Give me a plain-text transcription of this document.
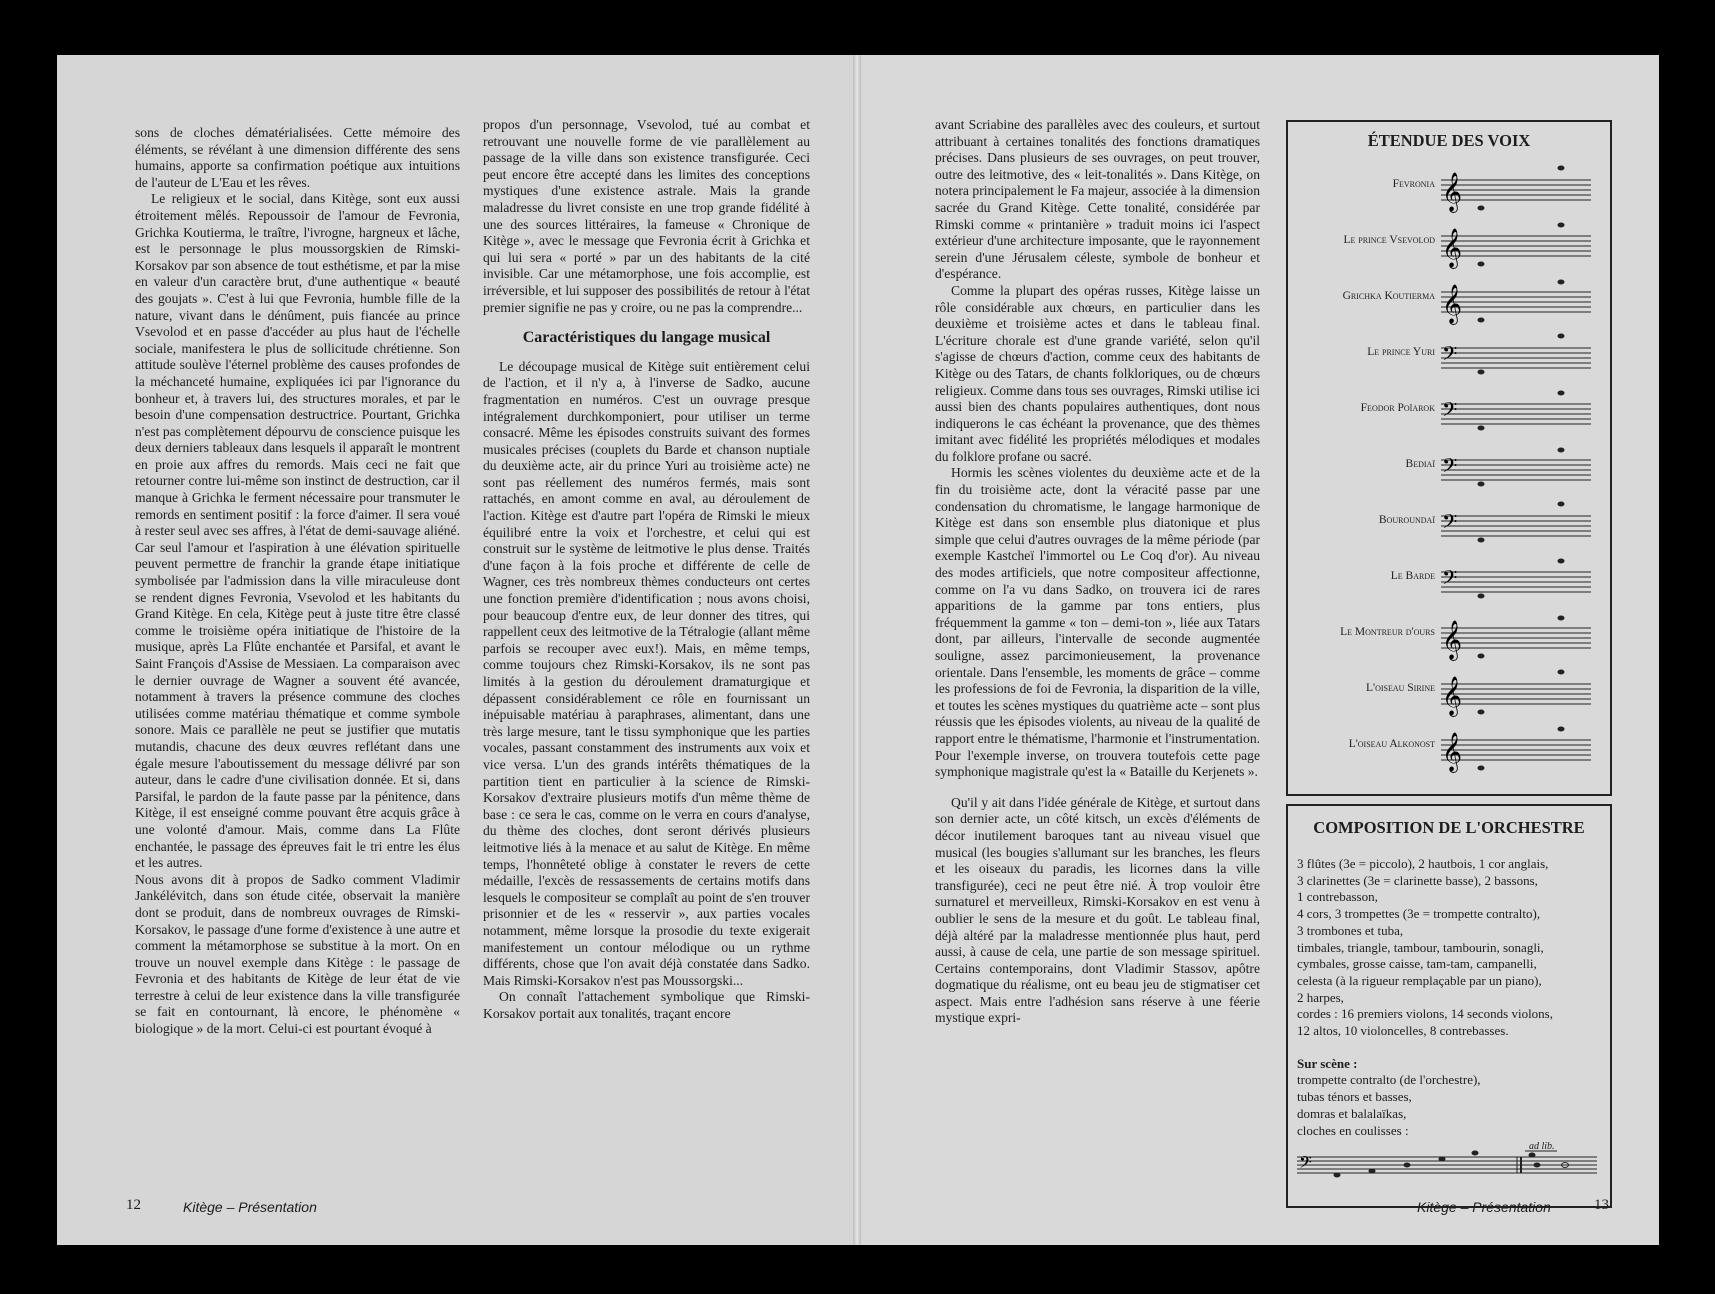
…

sons de cloches dématérialisées. Cette mémoire des éléments, se révélant à une dimension différente des sens humains, apporte sa confirmation poétique aux intuitions de l'auteur de L'Eau et les rêves.

Le religieux et le social, dans Kitège, sont eux aussi étroitement mêlés. Repoussoir de l'amour de Fevronia, Grichka Koutierma, le traître, l'ivrogne, hargneux et lâche, est le personnage le plus moussorgskien de Rimski-Korsakov par son absence de tout esthétisme, et par la mise en valeur d'un caractère brut, d'une authentique « beauté des goujats ». C'est à lui que Fevronia, humble fille de la nature, vivant dans le dénûment, puis fiancée au prince Vsevolod et en passe d'accéder au plus haut de l'échelle sociale, manifestera le plus de sollicitude chrétienne. Son attitude soulève l'éternel problème des causes profondes de la méchanceté humaine, expliquées ici par l'ignorance du bonheur et, à travers lui, des structures morales, et par le besoin d'une compensation destructrice. Pourtant, Grichka n'est pas complètement dépourvu de conscience puisque les deux derniers tableaux dans lesquels il apparaît le montrent en proie aux affres du remords. Mais ceci ne fait que retourner contre lui-même son instinct de destruction, car il manque à Grichka le ferment nécessaire pour transmuter le remords en sentiment positif : la force d'aimer. Il sera voué à rester seul avec ses affres, à l'état de demi-sauvage aliéné. Car seul l'amour et l'aspiration à une élévation spirituelle peuvent permettre de franchir la grande étape initiatique symbolisée par l'admission dans la ville miraculeuse dont se rendent dignes Fevronia, Vsevolod et les habitants du Grand Kitège. En cela, Kitège peut à juste titre être classé comme le troisième opéra initiatique de l'histoire de la musique, après La Flûte enchantée et Parsifal, et avant le Saint François d'Assise de Messiaen. La comparaison avec le dernier ouvrage de Wagner a souvent été avancée, notamment à travers la présence commune des cloches utilisées comme matériau thématique et comme symbole sonore. Mais ce parallèle ne peut se justifier que mutatis mutandis, chacune des deux œuvres reflétant dans une égale mesure l'aboutissement du message délivré par son auteur, dans le cadre d'une civilisation donnée. Et si, dans Parsifal, le pardon de la faute passe par la pénitence, dans Kitège, il est enseigné comme pouvant être acquis grâce à une volonté d'amour. Mais, comme dans La Flûte enchantée, le passage des épreuves fait le tri entre les élus et les autres.

Nous avons dit à propos de Sadko comment Vladimir Jankélévitch, dans son étude citée, observait la manière dont se produit, dans de nombreux ouvrages de Rimski-Korsakov, le passage d'une forme d'existence à une autre et comment la métamorphose se substitue à la mort. On en trouve un nouvel exemple dans Kitège : le passage de Fevronia et des habitants de Kitège de leur état de vie terrestre à celui de leur existence dans la ville transfigurée se fait en contournant, là encore, le phénomène « biologique » de la mort. Celui-ci est pourtant évoqué à

propos d'un personnage, Vsevolod, tué au combat et retrouvant une nouvelle forme de vie parallèlement au passage de la ville dans son existence transfigurée. Ceci peut encore être accepté dans les limites des conceptions mystiques d'une existence astrale. Mais la grande maladresse du livret consiste en une trop grande fidélité à une des sources littéraires, la fameuse « Chronique de Kitège », avec le message que Fevronia écrit à Grichka et qui lui sera « porté » par un des habitants de la cité invisible. Car une métamorphose, une fois accomplie, est irréversible, et lui supposer des possibilités de retour à l'état premier signifie ne pas y croire, ou ne pas la comprendre...

Caractéristiques du langage musical

Le découpage musical de Kitège suit entièrement celui de l'action, et il n'y a, à l'inverse de Sadko, aucune fragmentation en numéros. C'est un ouvrage presque intégralement durchkomponiert, pour utiliser un terme consacré. Même les épisodes construits suivant des formes musicales précises (couplets du Barde et chanson nuptiale du deuxième acte, air du prince Yuri au troisième acte) ne sont pas réellement des numéros fermés, mais sont rattachés, en amont comme en aval, au déroulement de l'action. Kitège est d'autre part l'opéra de Rimski le mieux équilibré entre la voix et l'orchestre, et celui qui est construit sur le système de leitmotive le plus dense. Traités d'une façon à la fois proche et différente de celle de Wagner, ces très nombreux thèmes conducteurs ont certes une fonction première d'identification ; nous avons choisi, pour beaucoup d'entre eux, de leur donner des titres, qui rappellent ceux des leitmotive de la Tétralogie (allant même parfois se recouper avec eux!). Mais, en même temps, comme toujours chez Rimski-Korsakov, ils ne sont pas limités à la gestion du déroulement dramaturgique et dépassent considérablement ce rôle en fournissant un inépuisable matériau à paraphrases, alimentant, dans une très large mesure, tant le tissu symphonique que les parties vocales, passant constamment des instruments aux voix et vice versa. L'un des grands intérêts thématiques de la partition tient en particulier à la science de Rimski-Korsakov d'extraire plusieurs motifs d'un même thème de base : ce sera le cas, comme on le verra en cours d'analyse, du thème des cloches, dont seront dérivés plusieurs leitmotive liés à la menace et au salut de Kitège. En même temps, l'honnêteté oblige à constater le revers de cette médaille, l'excès de ressassements de certains motifs dans lesquels le compositeur se complaît au point de s'en trouver prisonnier et de les « resservir », aux parties vocales notamment, même lorsque la prosodie du texte exigerait manifestement un contour mélodique ou un rythme différents, chose que l'on avait déjà constatée dans Sadko. Mais Rimski-Korsakov n'est pas Moussorgski...

On connaît l'attachement symbolique que Rimski-Korsakov portait aux tonalités, traçant encore

avant Scriabine des parallèles avec des couleurs, et surtout attribuant à certaines tonalités des fonctions dramatiques précises. Dans plusieurs de ses ouvrages, on peut trouver, outre des leitmotive, des « leit-tonalités ». Dans Kitège, on notera principalement le Fa majeur, associée à la dimension sacrée du Grand Kitège. Cette tonalité, considérée par Rimski comme « printanière » traduit moins ici l'aspect extérieur d'une architecture imposante, que le rayonnement serein d'une Jérusalem céleste, symbole de bonheur et d'espérance.

Comme la plupart des opéras russes, Kitège laisse un rôle considérable aux chœurs, en particulier dans les deuxième et troisième actes et dans le tableau final. L'écriture chorale est d'une grande variété, selon qu'il s'agisse de chœurs d'action, comme ceux des habitants de Kitège ou des Tatars, de chants folkloriques, ou de chœurs religieux. Comme dans tous ses ouvrages, Rimski utilise ici aussi bien des chants populaires authentiques, dont nous indiquerons le cas échéant la provenance, que des thèmes imitant avec fidélité les propriétés mélodiques et modales du folklore profane ou sacré.

Hormis les scènes violentes du deuxième acte et de la fin du troisième acte, dont la véracité passe par une condensation du chromatisme, le langage harmonique de Kitège est dans son ensemble plus diatonique et plus simple que celui d'autres ouvrages de la même période (par exemple Kastcheï l'immortel ou Le Coq d'or). Au niveau des modes artificiels, que notre compositeur affectionne, comme on l'a vu dans Sadko, on trouvera ici de rares apparitions de la gamme par tons entiers, plus fréquemment la gamme « ton – demi-ton », liée aux Tatars dont, par ailleurs, l'intervalle de seconde augmentée souligne, assez parcimonieusement, la provenance orientale. Dans l'ensemble, les moments de grâce – comme les professions de foi de Fevronia, la disparition de la ville, et toutes les scènes mystiques du quatrième acte – sont plus réussis que les épisodes violents, au niveau de la qualité de rapport entre le thématisme, l'harmonie et l'instrumentation. Pour l'exemple inverse, on trouvera toutefois cette page symphonique magistrale qu'est la « Bataille du Kerjenets ».

Qu'il y ait dans l'idée générale de Kitège, et surtout dans son dernier acte, un côté kitsch, un excès d'éléments de décor inutilement baroques tant au niveau visuel que musical (les bougies s'allumant sur les branches, les fleurs et les oiseaux du paradis, les licornes dans la ville transfigurée), ceci ne peut être nié. À trop vouloir être surnaturel et merveilleux, Rimski-Korsakov en est venu à oublier le sens de la mesure et du goût. Le tableau final, déjà altéré par la maladresse mentionnée plus haut, perd aussi, à cause de cela, une partie de son message spirituel. Certains contemporains, dont Vladimir Stassov, apôtre dogmatique du réalisme, ont eu beau jeu de stigmatiser cet aspect. Mais entre l'adhésion sans réserve à une féerie mystique expri-

ÉTENDUE DES VOIX
Fevronia 𝄞
Le prince Vsevolod 𝄞
Grichka Koutierma 𝄞
Le prince Yuri 𝄢
Feodor Poïarok 𝄢
Bediaï 𝄢
Bouroundaï 𝄢
Le Barde 𝄢
Le Montreur d'ours 𝄞
L'oiseau Sirine 𝄞
L'oiseau Alkonost 𝄞
COMPOSITION DE L'ORCHESTRE
3 flûtes (3e = piccolo), 2 hautbois, 1 cor anglais,
3 clarinettes (3e = clarinette basse), 2 bassons,
1 contrebasson,
4 cors, 3 trompettes (3e = trompette contralto),
3 trombones et tuba,
timbales, triangle, tambour, tambourin, sonagli,
cymbales, grosse caisse, tam-tam, campanelli,
celesta (à la rigueur remplaçable par un piano),
2 harpes,
cordes : 16 premiers violons, 14 seconds violons,
12 altos, 10 violoncelles, 8 contrebasses.
Sur scène :
trompette contralto (de l'orchestre),
tubas ténors et basses,
domras et balalaïkas,
cloches en coulisses :
ad lib.
𝄢
12	Kitège – Présentation	Kitège – Présentation	13
